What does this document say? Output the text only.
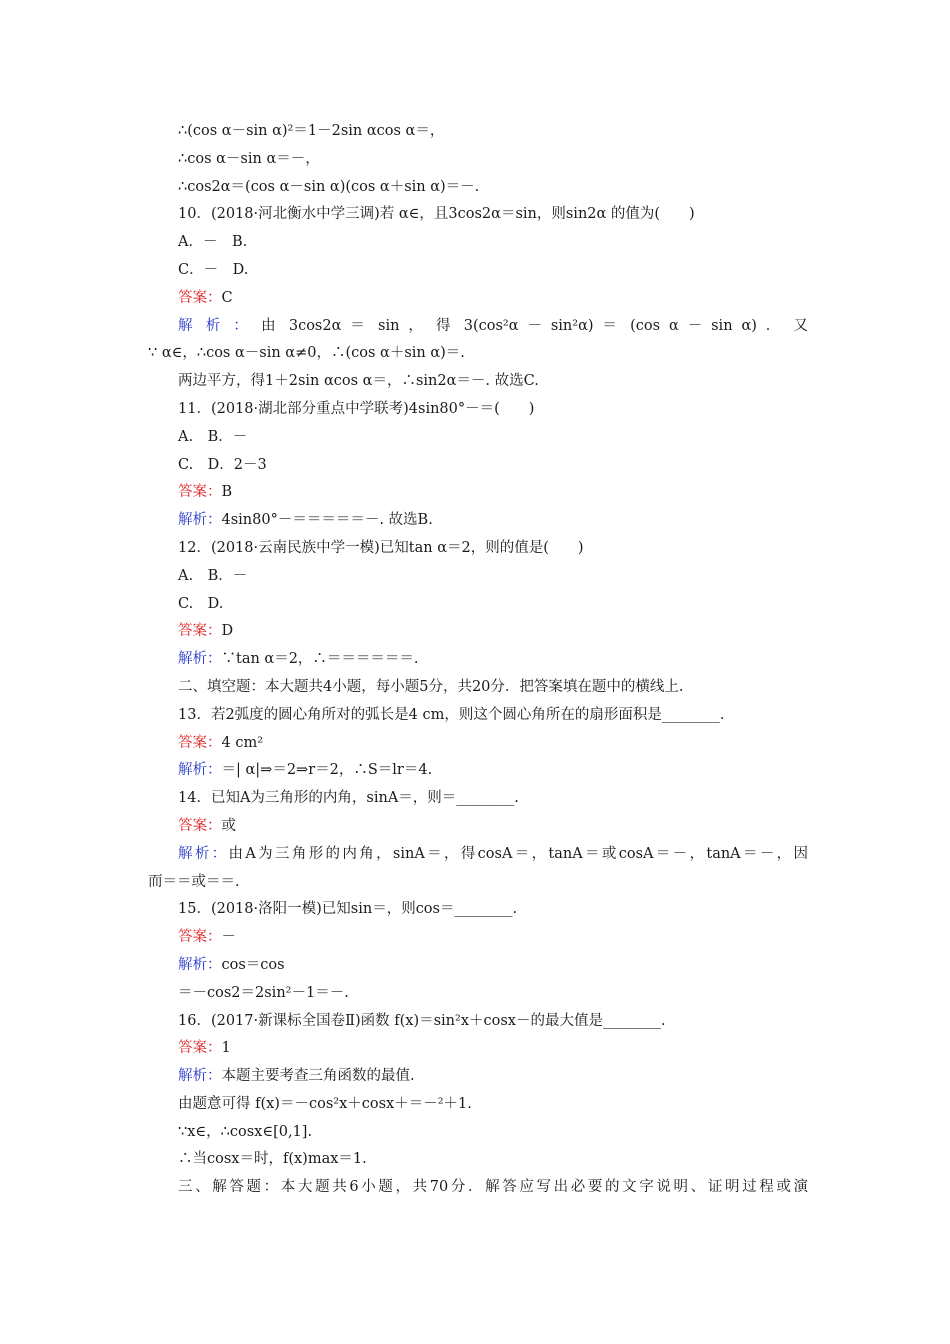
∴(cos α－sin α)²＝1－2sin αcos α＝，
∴cos α－sin α＝－，
∴cos2α＝(cos α－sin α)(cos α＋sin α)＝－.
10．(2018·河北衡水中学三调)若 α∈，且3cos2α＝sin，则sin2α 的值为(　　)
A．－　B.
C．－　D.
答案：C
解 析 ： 由 3cos2α ＝ sin ， 得 3(cos²α － sin²α) ＝ (cos α － sin α) ． 又
∵ α∈，∴cos α－sin α≠0，∴(cos α＋sin α)＝.
两边平方，得1＋2sin αcos α＝，∴sin2α＝－. 故选C.
11．(2018·湖北部分重点中学联考)4sin80°－＝(　　)
A.　B．－
C.　D．2－3
答案：B
解析：4sin80°－＝＝＝＝＝－. 故选B.
12．(2018·云南民族中学一模)已知tan α＝2，则的值是(　　)
A.　B．－
C.　D.
答案：D
解析：∵tan α＝2，∴＝＝＝＝＝＝.
二、填空题：本大题共4小题，每小题5分，共20分．把答案填在题中的横线上.
13．若2弧度的圆心角所对的弧长是4 cm，则这个圆心角所在的扇形面积是________.
答案：4 cm²
解析：＝| α|⇒＝2⇒r＝2，∴S＝lr＝4.
14．已知A为三角形的内角，sinA＝，则＝________.
答案：或
解析：由A为三角形的内角，sinA＝，得cosA＝，tanA＝或cosA＝－，tanA＝－，因
而＝＝或＝＝.
15．(2018·洛阳一模)已知sin＝，则cos＝________.
答案：－
解析：cos＝cos
＝－cos2＝2sin²－1＝－.
16．(2017·新课标全国卷Ⅱ)函数 f(x)＝sin²x＋cosx－的最大值是________.
答案：1
解析：本题主要考查三角函数的最值.
由题意可得 f(x)＝－cos²x＋cosx＋＝－²＋1.
∵x∈，∴cosx∈[0,1].
∴当cosx＝时，f(x)max＝1.
三、解答题：本大题共6小题，共70分．解答应写出必要的文字说明、证明过程或演
